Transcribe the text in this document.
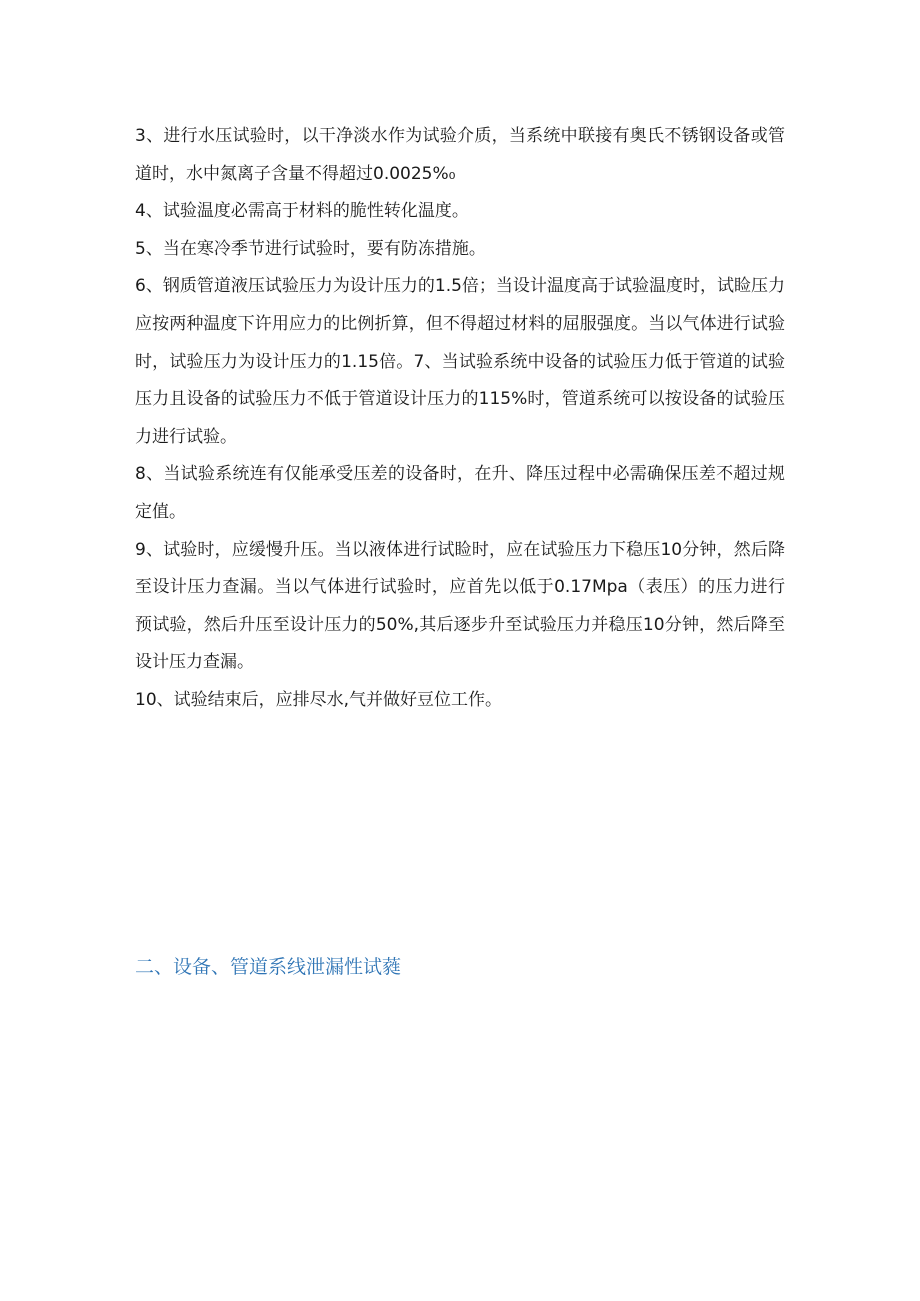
3、进行水压试验时，以干净淡水作为试验介质，当系统中联接有奥氏不锈钢设备或管道时，水中氮离子含量不得超过0.0025%₀

4、试验温度必需高于材料的脆性转化温度。

5、当在寒冷季节进行试验时，要有防冻措施。

6、钢质管道液压试验压力为设计压力的1.5倍；当设计温度高于试验温度时，试睑压力应按两种温度下许用应力的比例折算，但不得超过材料的屈服强度。当以气体进行试验时，试验压力为设计压力的1.15倍。7、当试验系统中设备的试验压力低于管道的试验压力且设备的试验压力不低于管道设计压力的115%时，管道系统可以按设备的试验压力进行试验。

8、当试验系统连有仅能承受压差的设备时，在升、降压过程中必需确保压差不超过规定值。

9、试验时，应缓慢升压。当以液体进行试睑时，应在试验压力下稳压10分钟，然后降至设计压力查漏。当以气体进行试验时，应首先以低于0.17Mpa（表压）的压力进行预试验，然后升压至设计压力的50%,其后逐步升至试验压力并稳压10分钟，然后降至设计压力查漏。

10、试验结束后，应排尽水,气并做好豆位工作。

二、设备、管道系线泄漏性试蕤
